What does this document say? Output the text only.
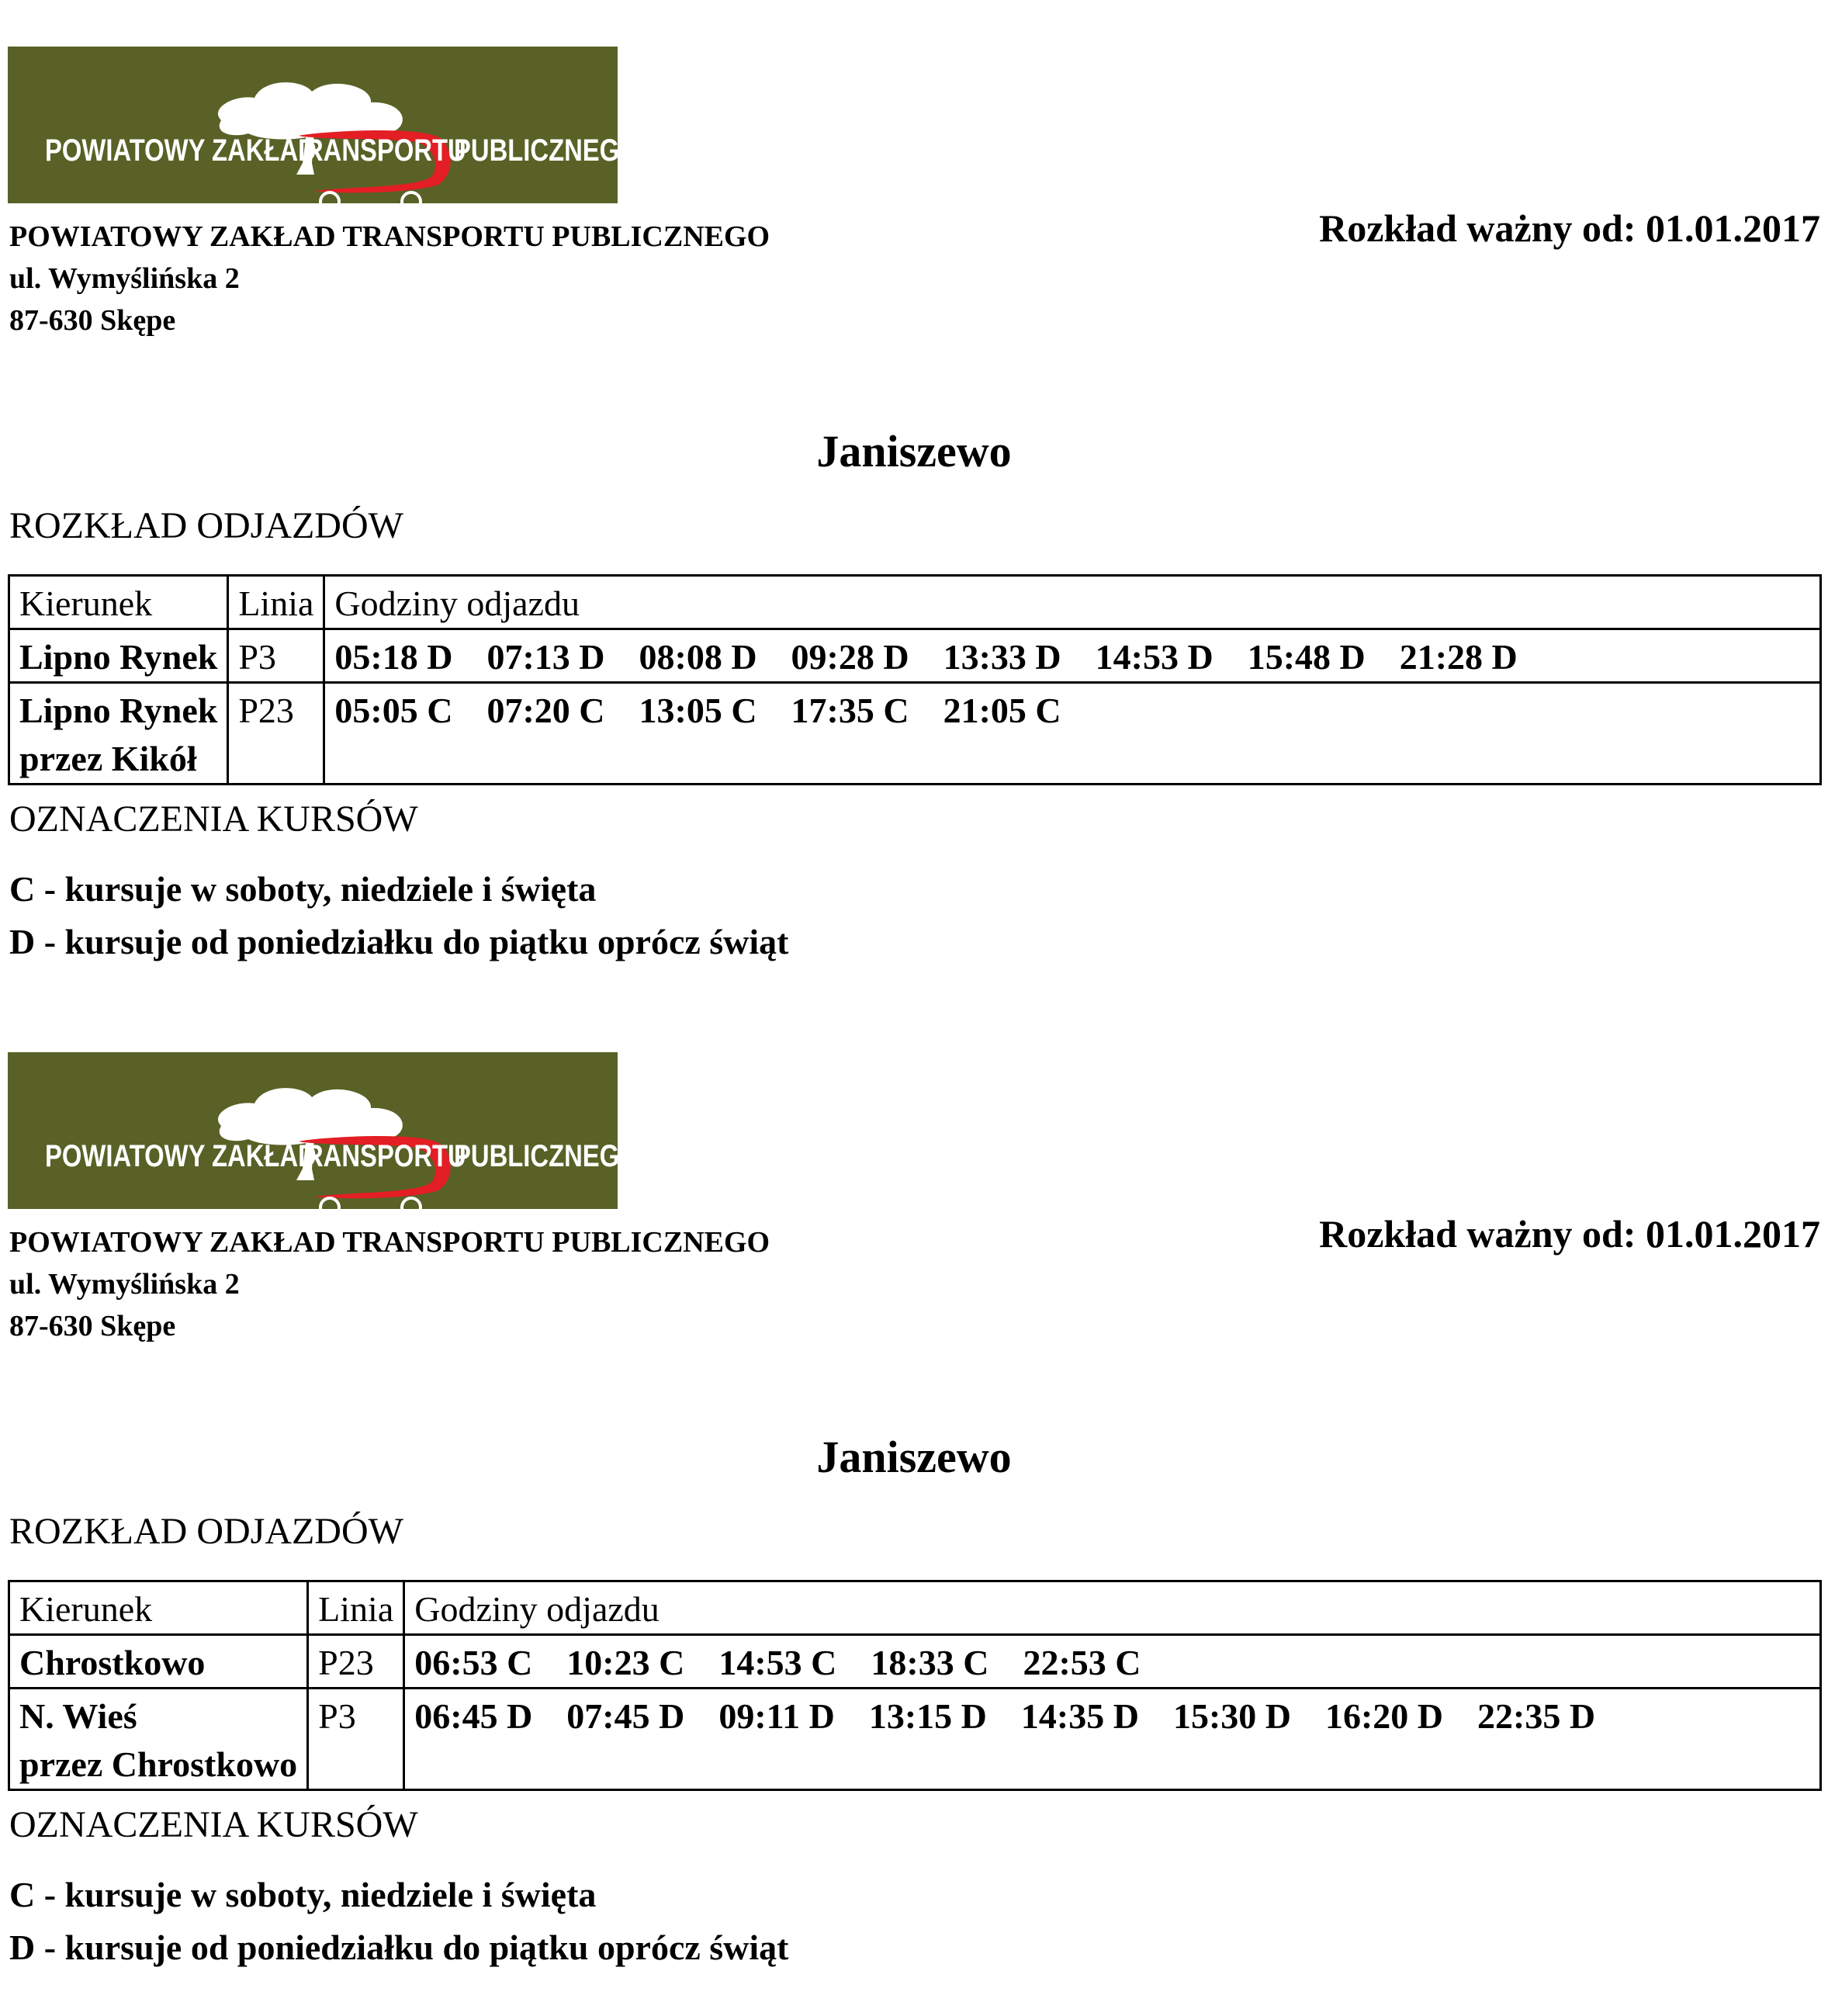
POWIATOWY ZAKŁAD
RANSPORTU
PUBLICZNEGO
POWIATOWY ZAKŁAD TRANSPORTU PUBLICZNEGO
ul. Wymyślińska 2
87-630 Skępe
Rozkład ważny od: 01.01.2017
Janiszewo
ROZKŁAD ODJAZDÓW
Kierunek	Linia	Godziny odjazdu

Lipno Rynek	P3	05:18 D 07:13 D 08:08 D 09:28 D 13:33 D 14:53 D 15:48 D 21:28 D

Lipno Rynek
przez Kikół	P23	05:05 C 07:20 C 13:05 C 17:35 C 21:05 C
OZNACZENIA KURSÓW
C - kursuje w soboty, niedziele i święta
D - kursuje od poniedziałku do piątku oprócz świąt
POWIATOWY ZAKŁAD
RANSPORTU
PUBLICZNEGO
POWIATOWY ZAKŁAD TRANSPORTU PUBLICZNEGO
ul. Wymyślińska 2
87-630 Skępe
Rozkład ważny od: 01.01.2017
Janiszewo
ROZKŁAD ODJAZDÓW
Kierunek	Linia	Godziny odjazdu

Chrostkowo	P23	06:53 C 10:23 C 14:53 C 18:33 C 22:53 C

N. Wieś
przez Chrostkowo	P3	06:45 D 07:45 D 09:11 D 13:15 D 14:35 D 15:30 D 16:20 D 22:35 D
OZNACZENIA KURSÓW
C - kursuje w soboty, niedziele i święta
D - kursuje od poniedziałku do piątku oprócz świąt
